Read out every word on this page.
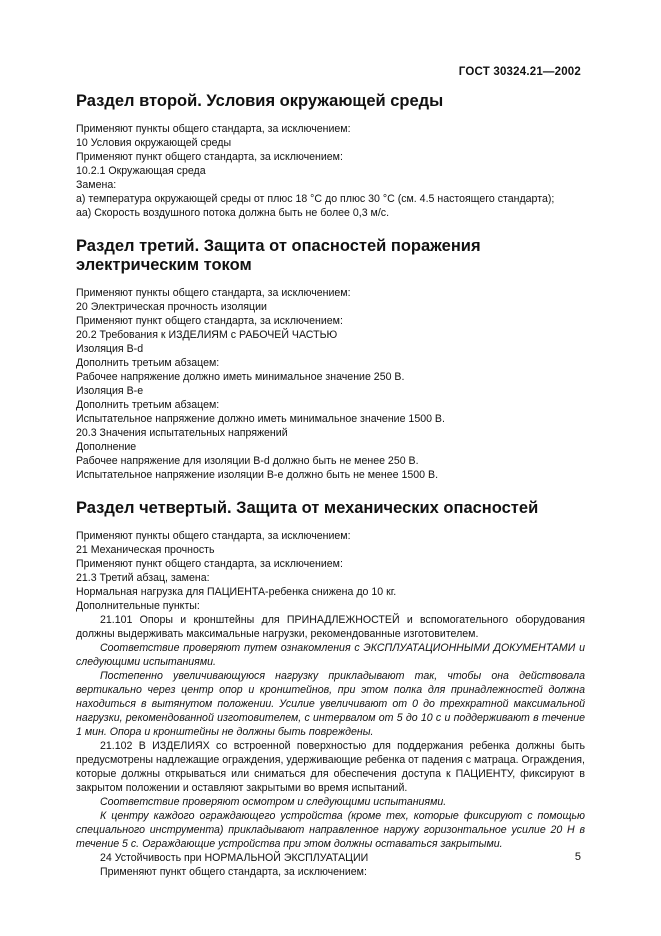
ГОСТ 30324.21—2002
Раздел второй. Условия окружающей среды
Применяют пункты общего стандарта, за исключением:
10 Условия окружающей среды
Применяют пункт общего стандарта, за исключением:
10.2.1 Окружающая среда
Замена:
а) температура окружающей среды от плюс 18 °С до плюс 30 °С (см. 4.5 настоящего стандарта);
аа) Скорость воздушного потока должна быть не более 0,3 м/с.
Раздел третий. Защита от опасностей поражения электрическим током
Применяют пункты общего стандарта, за исключением:
20 Электрическая прочность изоляции
Применяют пункт общего стандарта, за исключением:
20.2 Требования к ИЗДЕЛИЯМ с РАБОЧЕЙ ЧАСТЬЮ
Изоляция В-d
Дополнить третьим абзацем:
Рабочее напряжение должно иметь минимальное значение 250 В.
Изоляция В-е
Дополнить третьим абзацем:
Испытательное напряжение должно иметь минимальное значение 1500 В.
20.3 Значения испытательных напряжений
Дополнение
Рабочее напряжение для изоляции В-d должно быть не менее 250 В.
Испытательное напряжение изоляции В-е должно быть не менее 1500 В.
Раздел четвертый. Защита от механических опасностей
Применяют пункты общего стандарта, за исключением:
21 Механическая прочность
Применяют пункт общего стандарта, за исключением:
21.3 Третий абзац, замена:
Нормальная нагрузка для ПАЦИЕНТА-ребенка снижена до 10 кг.
Дополнительные пункты:
21.101 Опоры и кронштейны для ПРИНАДЛЕЖНОСТЕЙ и вспомогательного оборудования должны выдерживать максимальные нагрузки, рекомендованные изготовителем.
Соответствие проверяют путем ознакомления с ЭКСПЛУАТАЦИОННЫМИ ДОКУМЕНТАМИ и следующими испытаниями.
Постепенно увеличивающуюся нагрузку прикладывают так, чтобы она действовала вертикально через центр опор и кронштейнов, при этом полка для принадлежностей должна находиться в вытянутом положении. Усилие увеличивают от 0 до трехкратной максимальной нагрузки, рекомендованной изготовителем, с интервалом от 5 до 10 с и поддерживают в течение 1 мин. Опора и кронштейны не должны быть повреждены.
21.102 В ИЗДЕЛИЯХ со встроенной поверхностью для поддержания ребенка должны быть предусмотрены надлежащие ограждения, удерживающие ребенка от падения с матраца. Ограждения, которые должны открываться или сниматься для обеспечения доступа к ПАЦИЕНТУ, фиксируют в закрытом положении и оставляют закрытыми во время испытаний.
Соответствие проверяют осмотром и следующими испытаниями.
К центру каждого ограждающего устройства (кроме тех, которые фиксируют с помощью специального инструмента) прикладывают направленное наружу горизонтальное усилие 20 Н в течение 5 с. Ограждающие устройства при этом должны оставаться закрытыми.
24 Устойчивость при НОРМАЛЬНОЙ ЭКСПЛУАТАЦИИ
Применяют пункт общего стандарта, за исключением:
5
